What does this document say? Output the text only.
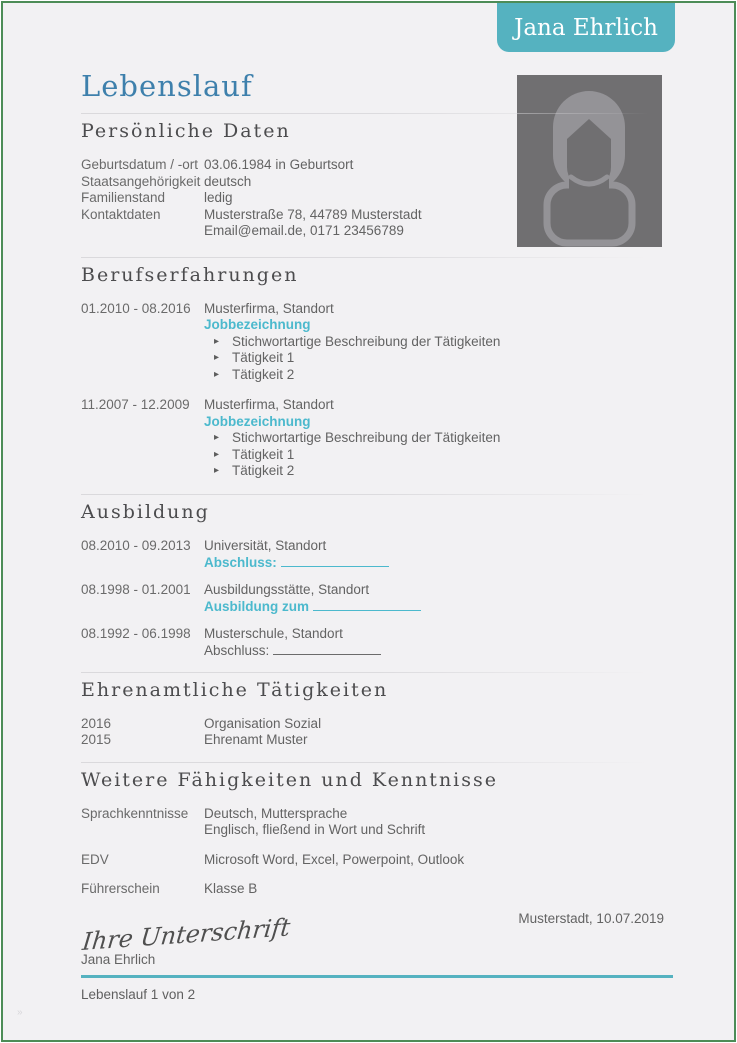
Jana Ehrlich
Lebenslauf
Persönliche Daten
Geburtsdatum / -ort 03.06.1984 in Geburtsort
Staatsangehörigkeit deutsch
Familienstand	ledig
Kontaktdaten	Musterstraße 78, 44789 Musterstadt
Email@email.de, 0171 23456789
Berufserfahrungen
01.2010 - 08.2016 Musterfirma, Standort
Jobbezeichnung
▸ Stichwortartige Beschreibung der Tätigkeiten
▸ Tätigkeit 1
▸ Tätigkeit 2
11.2007 - 12.2009	Musterfirma, Standort
Jobbezeichnung
▸ Stichwortartige Beschreibung der Tätigkeiten
▸ Tätigkeit 1
▸ Tätigkeit 2
Ausbildung
08.2010 - 09.2013 Universität, Standort
Abschluss:
08.1998 - 01.2001 Ausbildungsstätte, Standort
Ausbildung zum
08.1992 - 06.1998 Musterschule, Standort
Abschluss:
Ehrenamtliche Tätigkeiten
2016	Organisation Sozial
2015	Ehrenamt Muster
Weitere Fähigkeiten und Kenntnisse
Sprachkenntnisse	Deutsch, Muttersprache
Englisch, fließend in Wort und Schrift
EDV	Microsoft Word, Excel, Powerpoint, Outlook
Führerschein	Klasse B
Musterstadt, 10.07.2019
Ihre Unterschrift
Jana Ehrlich
Lebenslauf 1 von 2
»
